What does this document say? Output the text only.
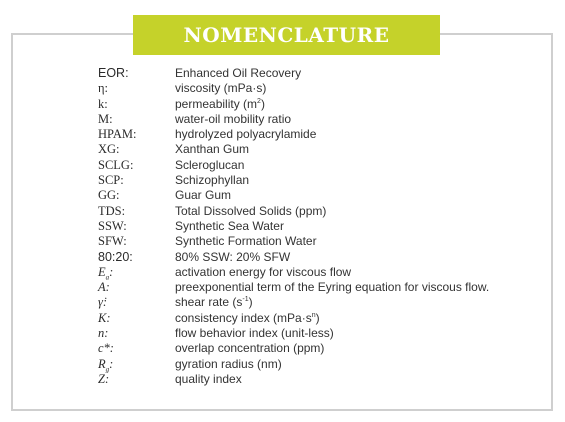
NOMENCLATURE
EOR:	Enhanced Oil Recovery
η:	viscosity (mPa·s)
k:	permeability $(m^2)$
M:	water-oil mobility ratio
HPAM:	hydrolyzed polyacrylamide
XG:	Xanthan Gum
SCLG:	Scleroglucan
SCP:	Schizophyllan
GG:	Guar Gum
TDS:	Total Dissolved Solids (ppm)
SSW:	Synthetic Sea Water
SFW:	Synthetic Formation Water
80:20:	80% SSW: 20% SFW
$E_a$:	activation energy for viscous flow
A:	preexponential term of the Eyring equation for viscous flow.
γ̇:	shear rate $(s^{-1})$
K:	consistency index $(mPa\cdot s^n)$
n:	flow behavior index (unit-less)
c*:	overlap concentration (ppm)
$R_g$:	gyration radius (nm)
Z:	quality index
